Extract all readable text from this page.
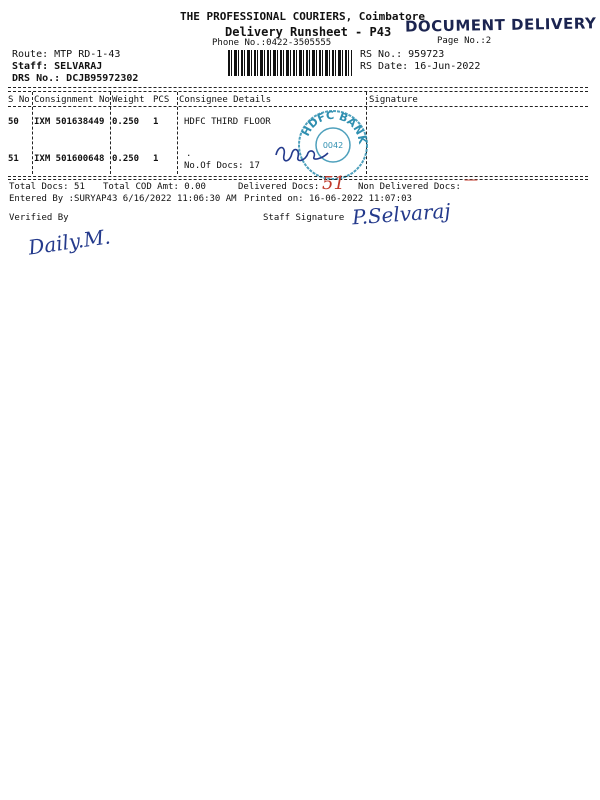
THE PROFESSIONAL COURIERS, Coimbatore
Delivery Runsheet - P43
Phone No.:0422-3505555
DOCUMENT DELIVERY
Page No.:2
Route: MTP RD-1-43
Staff: SELVARAJ
DRS No.: DCJB95972302
RS No.: 959723
RS Date: 16-Jun-2022
S No Consignment No Weight PCS Consignee Details	Signature
50 IXM 501638449 0.250 1	HDFC THIRD FLOOR
51 IXM 501600648 0.250 1	.
No.Of Docs: 17
HDFC BANK
0042
Total Docs: 51 Total COD Amt: 0.00	Delivered Docs: 51 Non Delivered Docs: —
Entered By :SURYAP43 6/16/2022 11:06:30 AM Printed on: 16-06-2022 11:07:03
Verified By	Staff Signature P.Selvaraj
Daily.M.
